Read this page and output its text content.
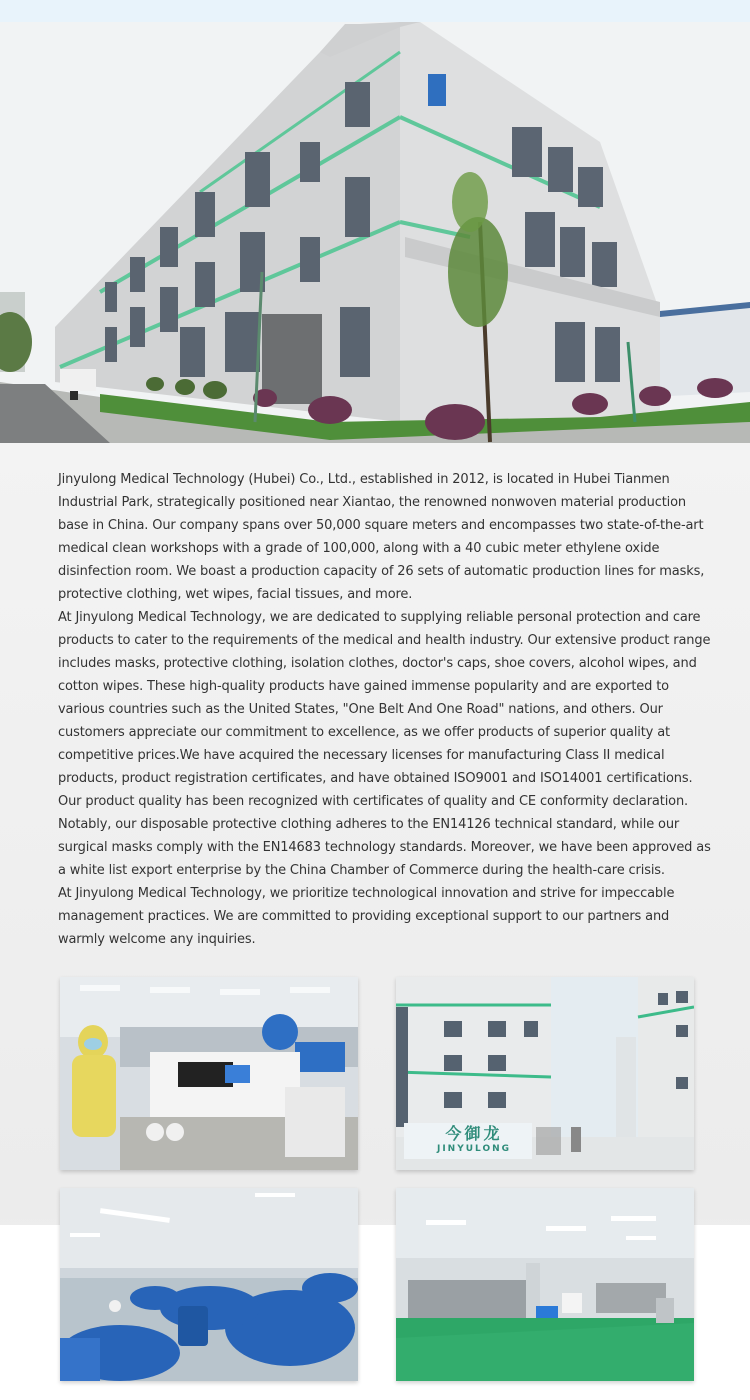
Jinyulong Medical Technology (Hubei) Co., Ltd., established in 2012, is located in Hubei Tianmen Industrial Park, strategically positioned near Xiantao, the renowned nonwoven material production base in China. Our company spans over 50,000 square meters and encompasses two state-of-the-art medical clean workshops with a grade of 100,000, along with a 40 cubic meter ethylene oxide disinfection room. We boast a production capacity of 26 sets of automatic production lines for masks, protective clothing, wet wipes, facial tissues, and more.

At Jinyulong Medical Technology, we are dedicated to supplying reliable personal protection and care products to cater to the requirements of the medical and health industry. Our extensive product range includes masks, protective clothing, isolation clothes, doctor's caps, shoe covers, alcohol wipes, and cotton wipes. These high-quality products have gained immense popularity and are exported to various countries such as the United States, "One Belt And One Road" nations, and others. Our customers appreciate our commitment to excellence, as we offer products of superior quality at competitive prices.We have acquired the necessary licenses for manufacturing Class II medical products, product registration certificates, and have obtained ISO9001 and ISO14001 certifications. Our product quality has been recognized with certificates of quality and CE conformity declaration. Notably, our disposable protective clothing adheres to the EN14126 technical standard, while our surgical masks comply with the EN14683 technology standards. Moreover, we have been approved as a white list export enterprise by the China Chamber of Commerce during the health-care crisis.

At Jinyulong Medical Technology, we prioritize technological innovation and strive for impeccable management practices. We are committed to providing exceptional support to our partners and warmly welcome any inquiries.

今御龙
JINYULONG
